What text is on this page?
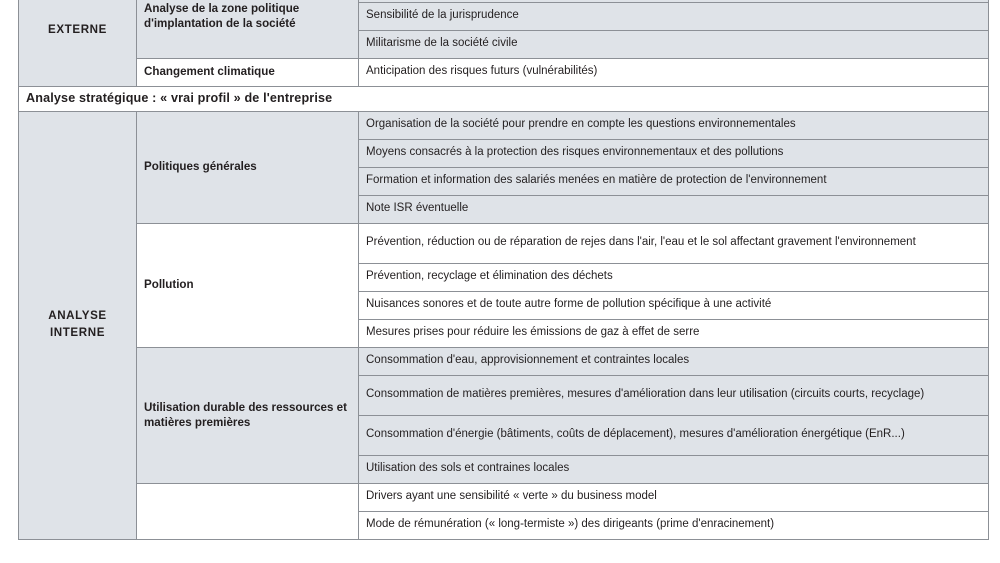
EXTERNE	Analyse de la zone politique d'implantation de la société	
		Sensibilité de la jurisprudence
		Militarisme de la société civile
	Changement climatique	Anticipation des risques futurs (vulnérabilités)
Analyse stratégique : « vrai profil » de l'entreprise		
ANALYSE
INTERNE	Politiques générales	Organisation de la société pour prendre en compte les questions environnementales
		Moyens consacrés à la protection des risques environnementaux et des pollutions
		Formation et information des salariés menées en matière de protection de l'environnement
		Note ISR éventuelle
	Pollution	Prévention, réduction ou de réparation de rejes dans l'air, l'eau et le sol affectant gravement l'environnement
		Prévention, recyclage et élimination des déchets
		Nuisances sonores et de toute autre forme de pollution spécifique à une activité
		Mesures prises pour réduire les émissions de gaz à effet de serre
	Utilisation durable des ressources et matières premières	Consommation d'eau, approvisionnement et contraintes locales
		Consommation de matières premières, mesures d'amélioration dans leur utilisation (circuits courts, recyclage)
		Consommation d'énergie (bâtiments, coûts de déplacement), mesures d'amélioration énergétique (EnR...)
		Utilisation des sols et contraines locales
		Drivers ayant une sensibilité « verte » du business model
		Mode de rémunération (« long-termiste ») des dirigeants (prime d'enracinement)
